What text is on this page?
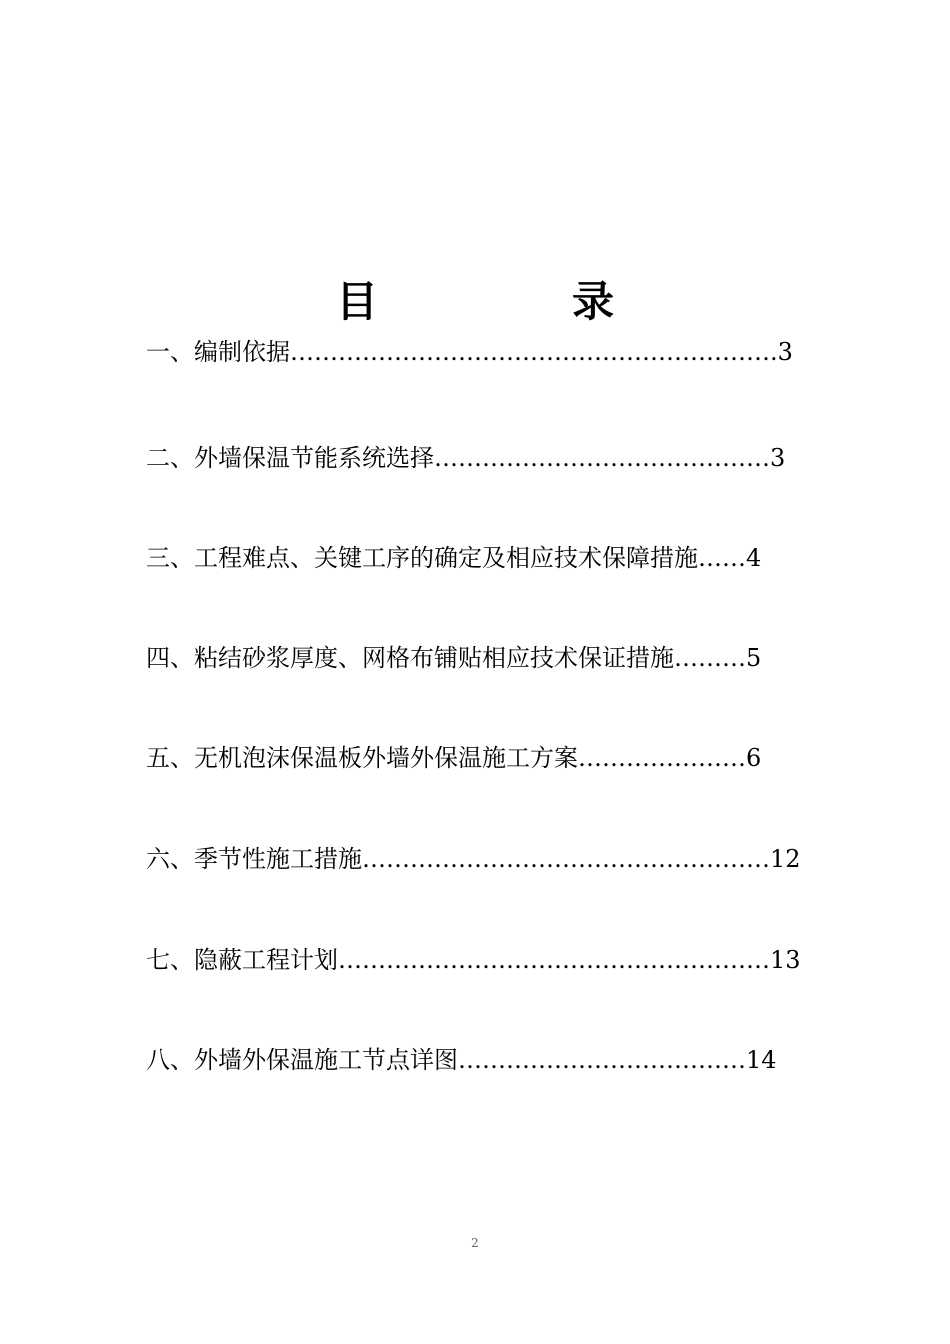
目　录
一、编制依据…………………………………………………….3
二、外墙保温节能系统选择……………………………………3
三、工程难点、关键工序的确定及相应技术保障措施……4
四、粘结砂浆厚度、网格布铺贴相应技术保证措施………5
五、无机泡沫保温板外墙外保温施工方案…………………6
六、季节性施工措施……………………………………………12
七、隐蔽工程计划………………………………………………13
八、外墙外保温施工节点详图………………………………14
2
